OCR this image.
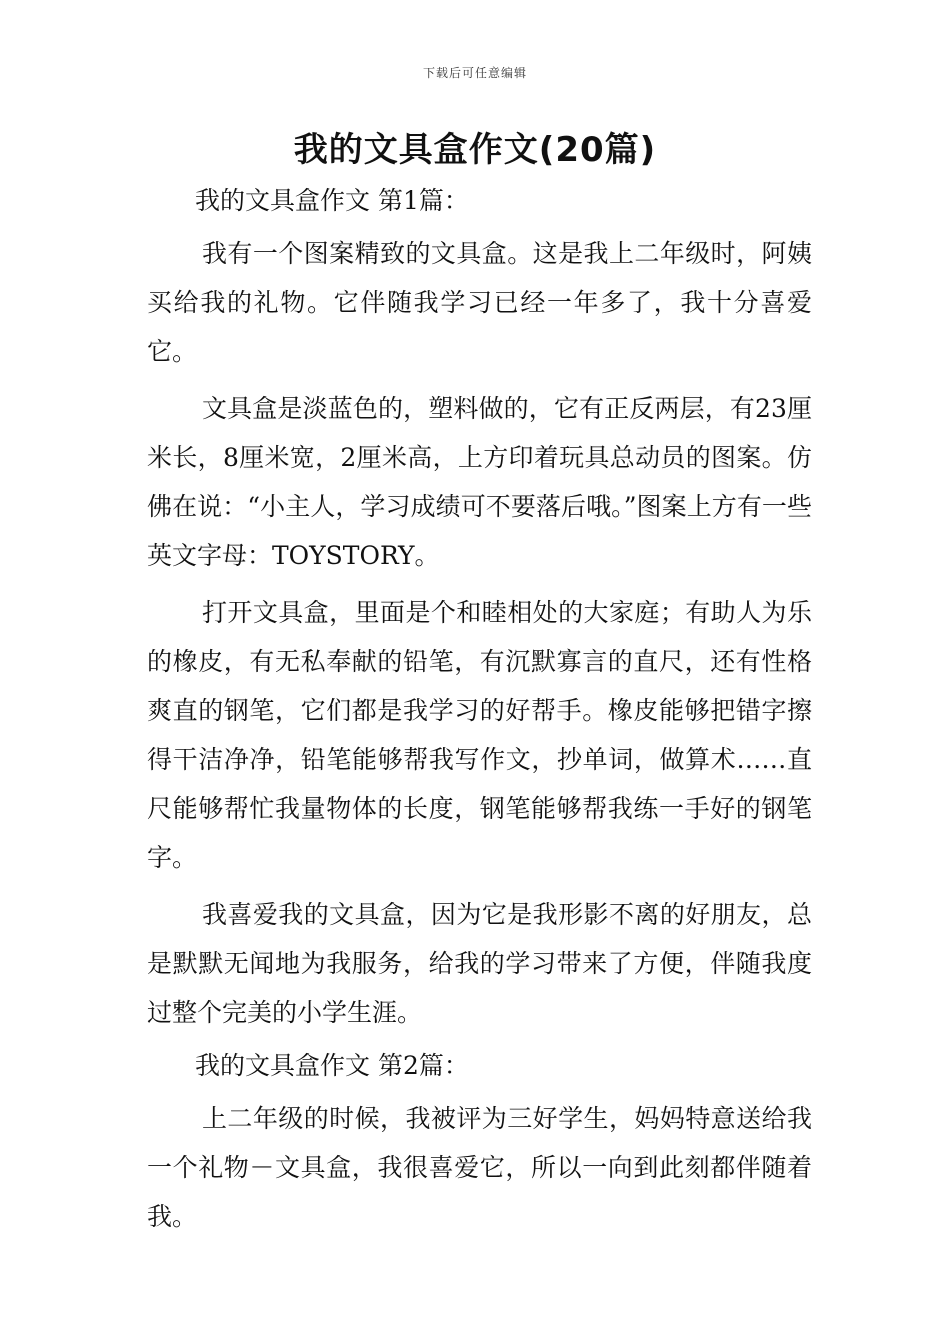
下载后可任意编辑
我的文具盒作文(20篇)

我的文具盒作文 第1篇：

我有一个图案精致的文具盒。这是我上二年级时，阿姨买给我的礼物。它伴随我学习已经一年多了，我十分喜爱它。

文具盒是淡蓝色的，塑料做的，它有正反两层，有23厘米长，8厘米宽，2厘米高，上方印着玩具总动员的图案。仿佛在说：“小主人，学习成绩可不要落后哦。”图案上方有一些英文字母：TOYSTORY。

打开文具盒，里面是个和睦相处的大家庭；有助人为乐的橡皮，有无私奉献的铅笔，有沉默寡言的直尺，还有性格爽直的钢笔，它们都是我学习的好帮手。橡皮能够把错字擦得干洁净净，铅笔能够帮我写作文，抄单词，做算术……直尺能够帮忙我量物体的长度，钢笔能够帮我练一手好的钢笔字。

我喜爱我的文具盒，因为它是我形影不离的好朋友，总是默默无闻地为我服务，给我的学习带来了方便，伴随我度过整个完美的小学生涯。

我的文具盒作文 第2篇：

上二年级的时候，我被评为三好学生，妈妈特意送给我一个礼物－文具盒，我很喜爱它，所以一向到此刻都伴随着我。
